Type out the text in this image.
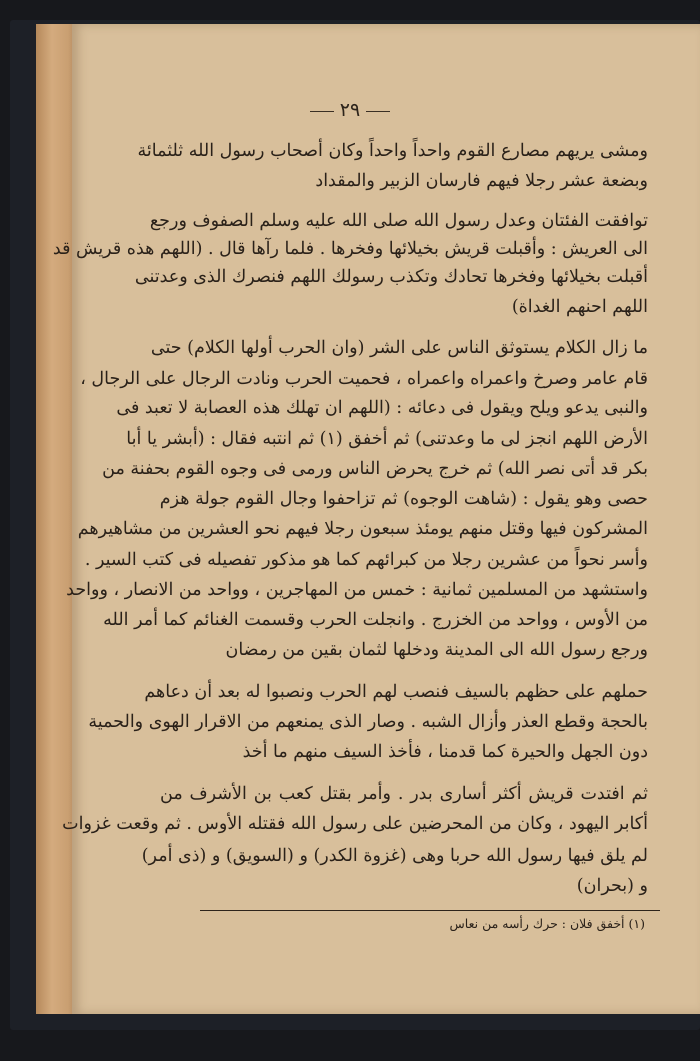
٢٩
ومشى يريهم مصارع القوم واحداً واحداً وكان أصحاب رسول الله ثلثمائة
وبضعة عشر رجلا فيهم فارسان الزبير والمقداد
توافقت الفئتان وعدل رسول الله صلى الله عليه وسلم الصفوف ورجع
الى العريش : وأقبلت قريش بخيلائها وفخرها . فلما رآها قال . (اللهم هذه قريش قد
أقبلت بخيلائها وفخرها تحادك وتكذب رسولك اللهم فنصرك الذى وعدتنى
اللهم احنهم الغداة)
ما زال الكلام يستوثق الناس على الشر (وان الحرب أولها الكلام) حتى
قام عامر وصرخ واعمراه واعمراه ، فحميت الحرب ونادت الرجال على الرجال ،
والنبى يدعو ويلح ويقول فى دعائه : (اللهم ان تهلك هذه العصابة لا تعبد فى
الأرض اللهم انجز لى ما وعدتنى) ثم أخفق (١) ثم انتبه فقال : (أبشر يا أبا
بكر قد أتى نصر الله) ثم خرج يحرض الناس ورمى فى وجوه القوم بحفنة من
حصى وهو يقول : (شاهت الوجوه) ثم تزاحفوا وجال القوم جولة هزم
المشركون فيها وقتل منهم يومئذ سبعون رجلا فيهم نحو العشرين من مشاهيرهم
وأسر نحواً من عشرين رجلا من كبرائهم كما هو مذكور تفصيله فى كتب السير .
واستشهد من المسلمين ثمانية : خمس من المهاجرين ، وواحد من الانصار ، وواحد
من الأوس ، وواحد من الخزرج . وانجلت الحرب وقسمت الغنائم كما أمر الله
ورجع رسول الله الى المدينة ودخلها لثمان بقين من رمضان
حملهم على حظهم بالسيف فنصب لهم الحرب ونصبوا له بعد أن دعاهم
بالحجة وقطع العذر وأزال الشبه . وصار الذى يمنعهم من الاقرار الهوى والحمية
دون الجهل والحيرة كما قدمنا ، فأخذ السيف منهم ما أخذ
ثم افتدت قريش أكثر أسارى بدر . وأمر بقتل كعب بن الأشرف من
أكابر اليهود ، وكان من المحرضين على رسول الله فقتله الأوس . ثم وقعت غزوات
لم يلق فيها رسول الله حربا وهى (غزوة الكدر) و (السويق) و (ذى أمر)
و (بحران)
(١) أخفق فلان : حرك رأسه من نعاس
